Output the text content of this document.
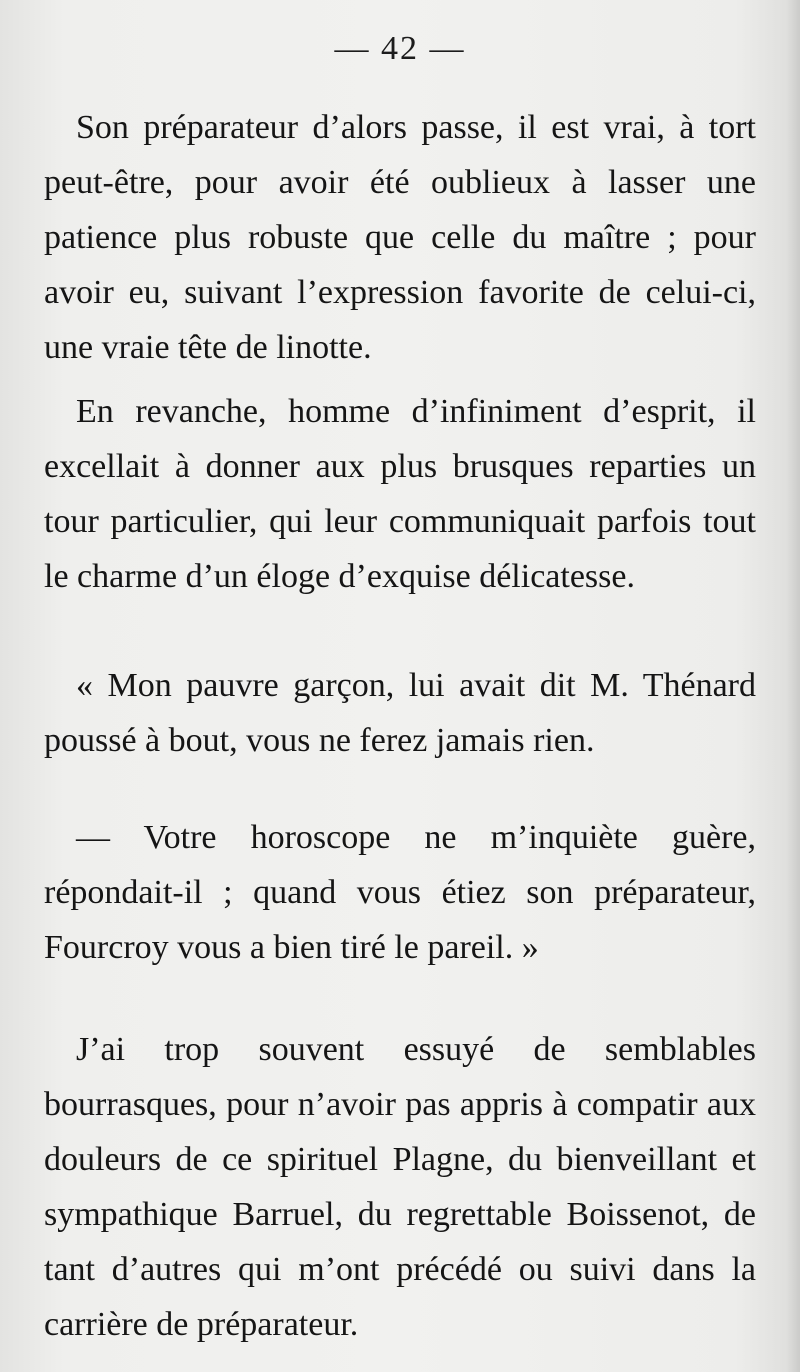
— 42 —
Son préparateur d’alors passe, il est vrai, à tort peut-être, pour avoir été oublieux à lasser une patience plus robuste que celle du maître ; pour avoir eu, suivant l’expression favorite de celui-ci, une vraie tête de linotte.
En revanche, homme d’infiniment d’esprit, il excellait à donner aux plus brusques reparties un tour particulier, qui leur communiquait parfois tout le charme d’un éloge d’exquise délicatesse.
« Mon pauvre garçon, lui avait dit M. Thénard poussé à bout, vous ne ferez jamais rien.
— Votre horoscope ne m’inquiète guère, répondait-il ; quand vous étiez son préparateur, Fourcroy vous a bien tiré le pareil. »
J’ai trop souvent essuyé de semblables bourrasques, pour n’avoir pas appris à compatir aux douleurs de ce spirituel Plagne, du bienveillant et sympathique Barruel, du regrettable Boissenot, de tant d’autres qui m’ont précédé ou suivi dans la carrière de préparateur.
